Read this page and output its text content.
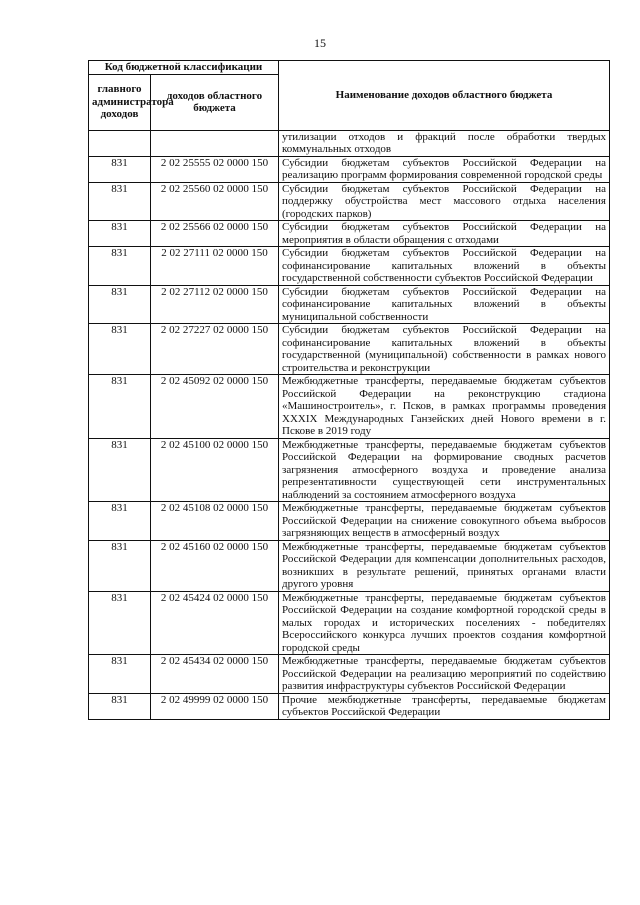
15
Код бюджетной классификации		Наименование доходов областного бюджета
главного администратора доходов	доходов областного бюджета	
		утилизации отходов и фракций после обработки твердых коммунальных отходов
831	2 02 25555 02 0000 150	Субсидии бюджетам субъектов Российской Федерации на реализацию программ формирования современной городской среды
831	2 02 25560 02 0000 150	Субсидии бюджетам субъектов Российской Федерации на поддержку обустройства мест массового отдыха населения (городских парков)
831	2 02 25566 02 0000 150	Субсидии бюджетам субъектов Российской Федерации на мероприятия в области обращения с отходами
831	2 02 27111 02 0000 150	Субсидии бюджетам субъектов Российской Федерации на софинансирование капитальных вложений в объекты государственной собственности субъектов Российской Федерации
831	2 02 27112 02 0000 150	Субсидии бюджетам субъектов Российской Федерации на софинансирование капитальных вложений в объекты муниципальной собственности
831	2 02 27227 02 0000 150	Субсидии бюджетам субъектов Российской Федерации на софинансирование капитальных вложений в объекты государственной (муниципальной) собственности в рамках нового строительства и реконструкции
831	2 02 45092 02 0000 150	Межбюджетные трансферты, передаваемые бюджетам субъектов Российской Федерации на реконструкцию стадиона «Машиностроитель», г. Псков, в рамках программы проведения XXXIX Международных Ганзейских дней Нового времени в г. Пскове в 2019 году
831	2 02 45100 02 0000 150	Межбюджетные трансферты, передаваемые бюджетам субъектов Российской Федерации на формирование сводных расчетов загрязнения атмосферного воздуха и проведение анализа репрезентативности существующей сети инструментальных наблюдений за состоянием атмосферного воздуха
831	2 02 45108 02 0000 150	Межбюджетные трансферты, передаваемые бюджетам субъектов Российской Федерации на снижение совокупного объема выбросов загрязняющих веществ в атмосферный воздух
831	2 02 45160 02 0000 150	Межбюджетные трансферты, передаваемые бюджетам субъектов Российской Федерации для компенсации дополнительных расходов, возникших в результате решений, принятых органами власти другого уровня
831	2 02 45424 02 0000 150	Межбюджетные трансферты, передаваемые бюджетам субъектов Российской Федерации на создание комфортной городской среды в малых городах и исторических поселениях - победителях Всероссийского конкурса лучших проектов создания комфортной городской среды
831	2 02 45434 02 0000 150	Межбюджетные трансферты, передаваемые бюджетам субъектов Российской Федерации на реализацию мероприятий по содействию развития инфраструктуры субъектов Российской Федерации
831	2 02 49999 02 0000 150	Прочие межбюджетные трансферты, передаваемые бюджетам субъектов Российской Федерации
